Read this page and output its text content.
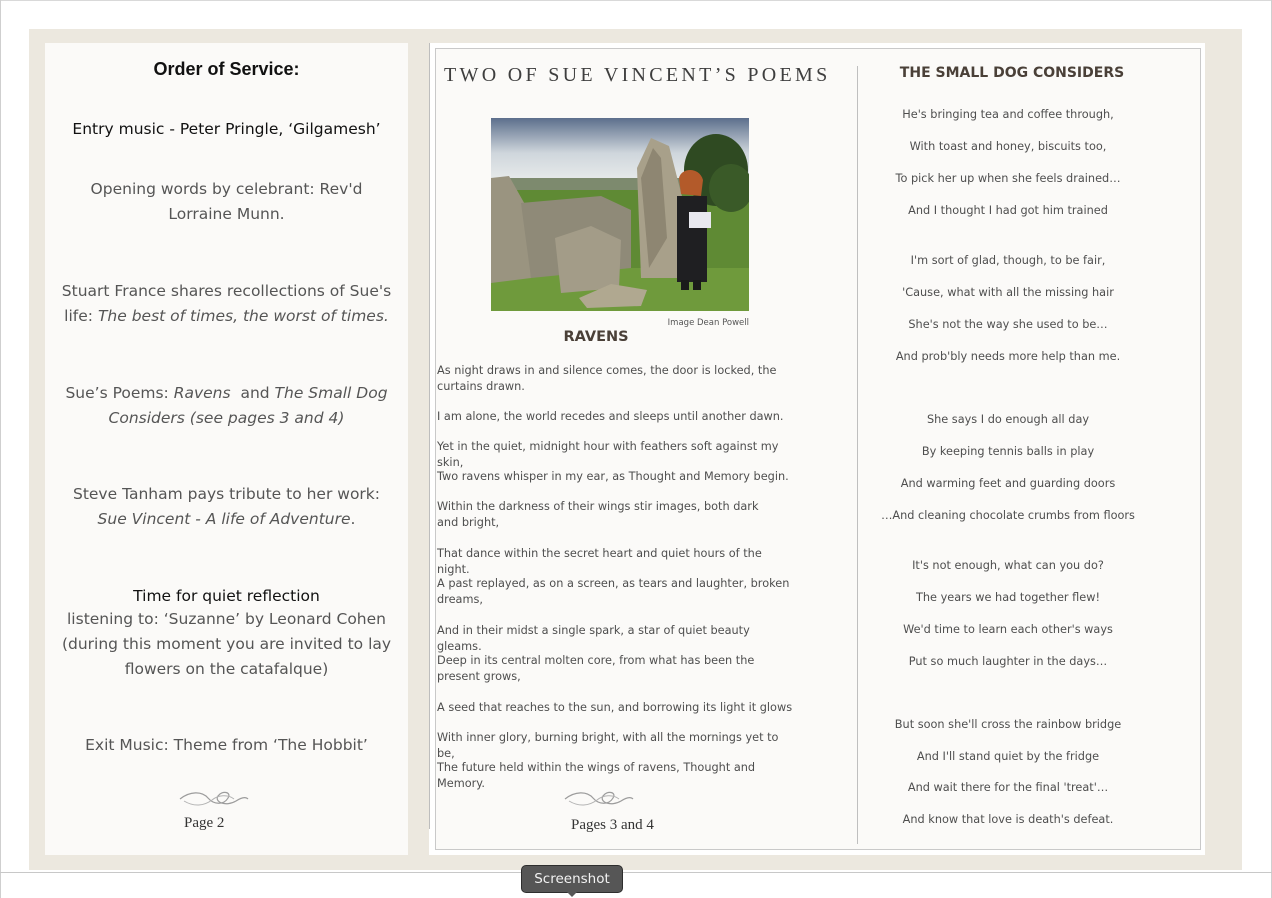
Order of Service:
Entry music - Peter Pringle, ‘Gilgamesh’
Opening words by celebrant: Rev'd Lorraine Munn.
Stuart France shares recollections of Sue's life: The best of times, the worst of times.
Sue’s Poems: Ravens  and The Small Dog Considers (see pages 3 and 4)
Steve Tanham pays tribute to her work:
Sue Vincent - A life of Adventure.
Time for quiet reflection
listening to: ‘Suzanne’ by Leonard Cohen (during this moment you are invited to lay flowers on the catafalque)
Exit Music: Theme from ‘The Hobbit’
Page 2
TWO OF SUE VINCENT’S POEMS
Image Dean Powell
RAVENS
As night draws in and silence comes, the door is locked, the curtains drawn.
I am alone, the world recedes and sleeps until another dawn.
Yet in the quiet, midnight hour with feathers soft against my skin,
Two ravens whisper in my ear, as Thought and Memory begin.
Within the darkness of their wings stir images, both dark and bright,
That dance within the secret heart and quiet hours of the night.
A past replayed, as on a screen, as tears and laughter, broken dreams,
And in their midst a single spark, a star of quiet beauty gleams.
Deep in its central molten core, from what has been the present grows,
A seed that reaches to the sun, and borrowing its light it glows
With inner glory, burning bright, with all the mornings yet to be,
The future held within the wings of ravens, Thought and Memory.
Pages 3 and 4
THE SMALL DOG CONSIDERS
He's bringing tea and coffee through,
With toast and honey, biscuits too,
To pick her up when she feels drained…
And I thought I had got him trained
I'm sort of glad, though, to be fair,
'Cause, what with all the missing hair
She's not the way she used to be…
And prob'bly needs more help than me.
She says I do enough all day
By keeping tennis balls in play
And warming feet and guarding doors
…And cleaning chocolate crumbs from floors
It's not enough, what can you do?
The years we had together flew!
We'd time to learn each other's ways
Put so much laughter in the days…
But soon she'll cross the rainbow bridge
And I'll stand quiet by the fridge
And wait there for the final 'treat'…
And know that love is death's defeat.
Screenshot
